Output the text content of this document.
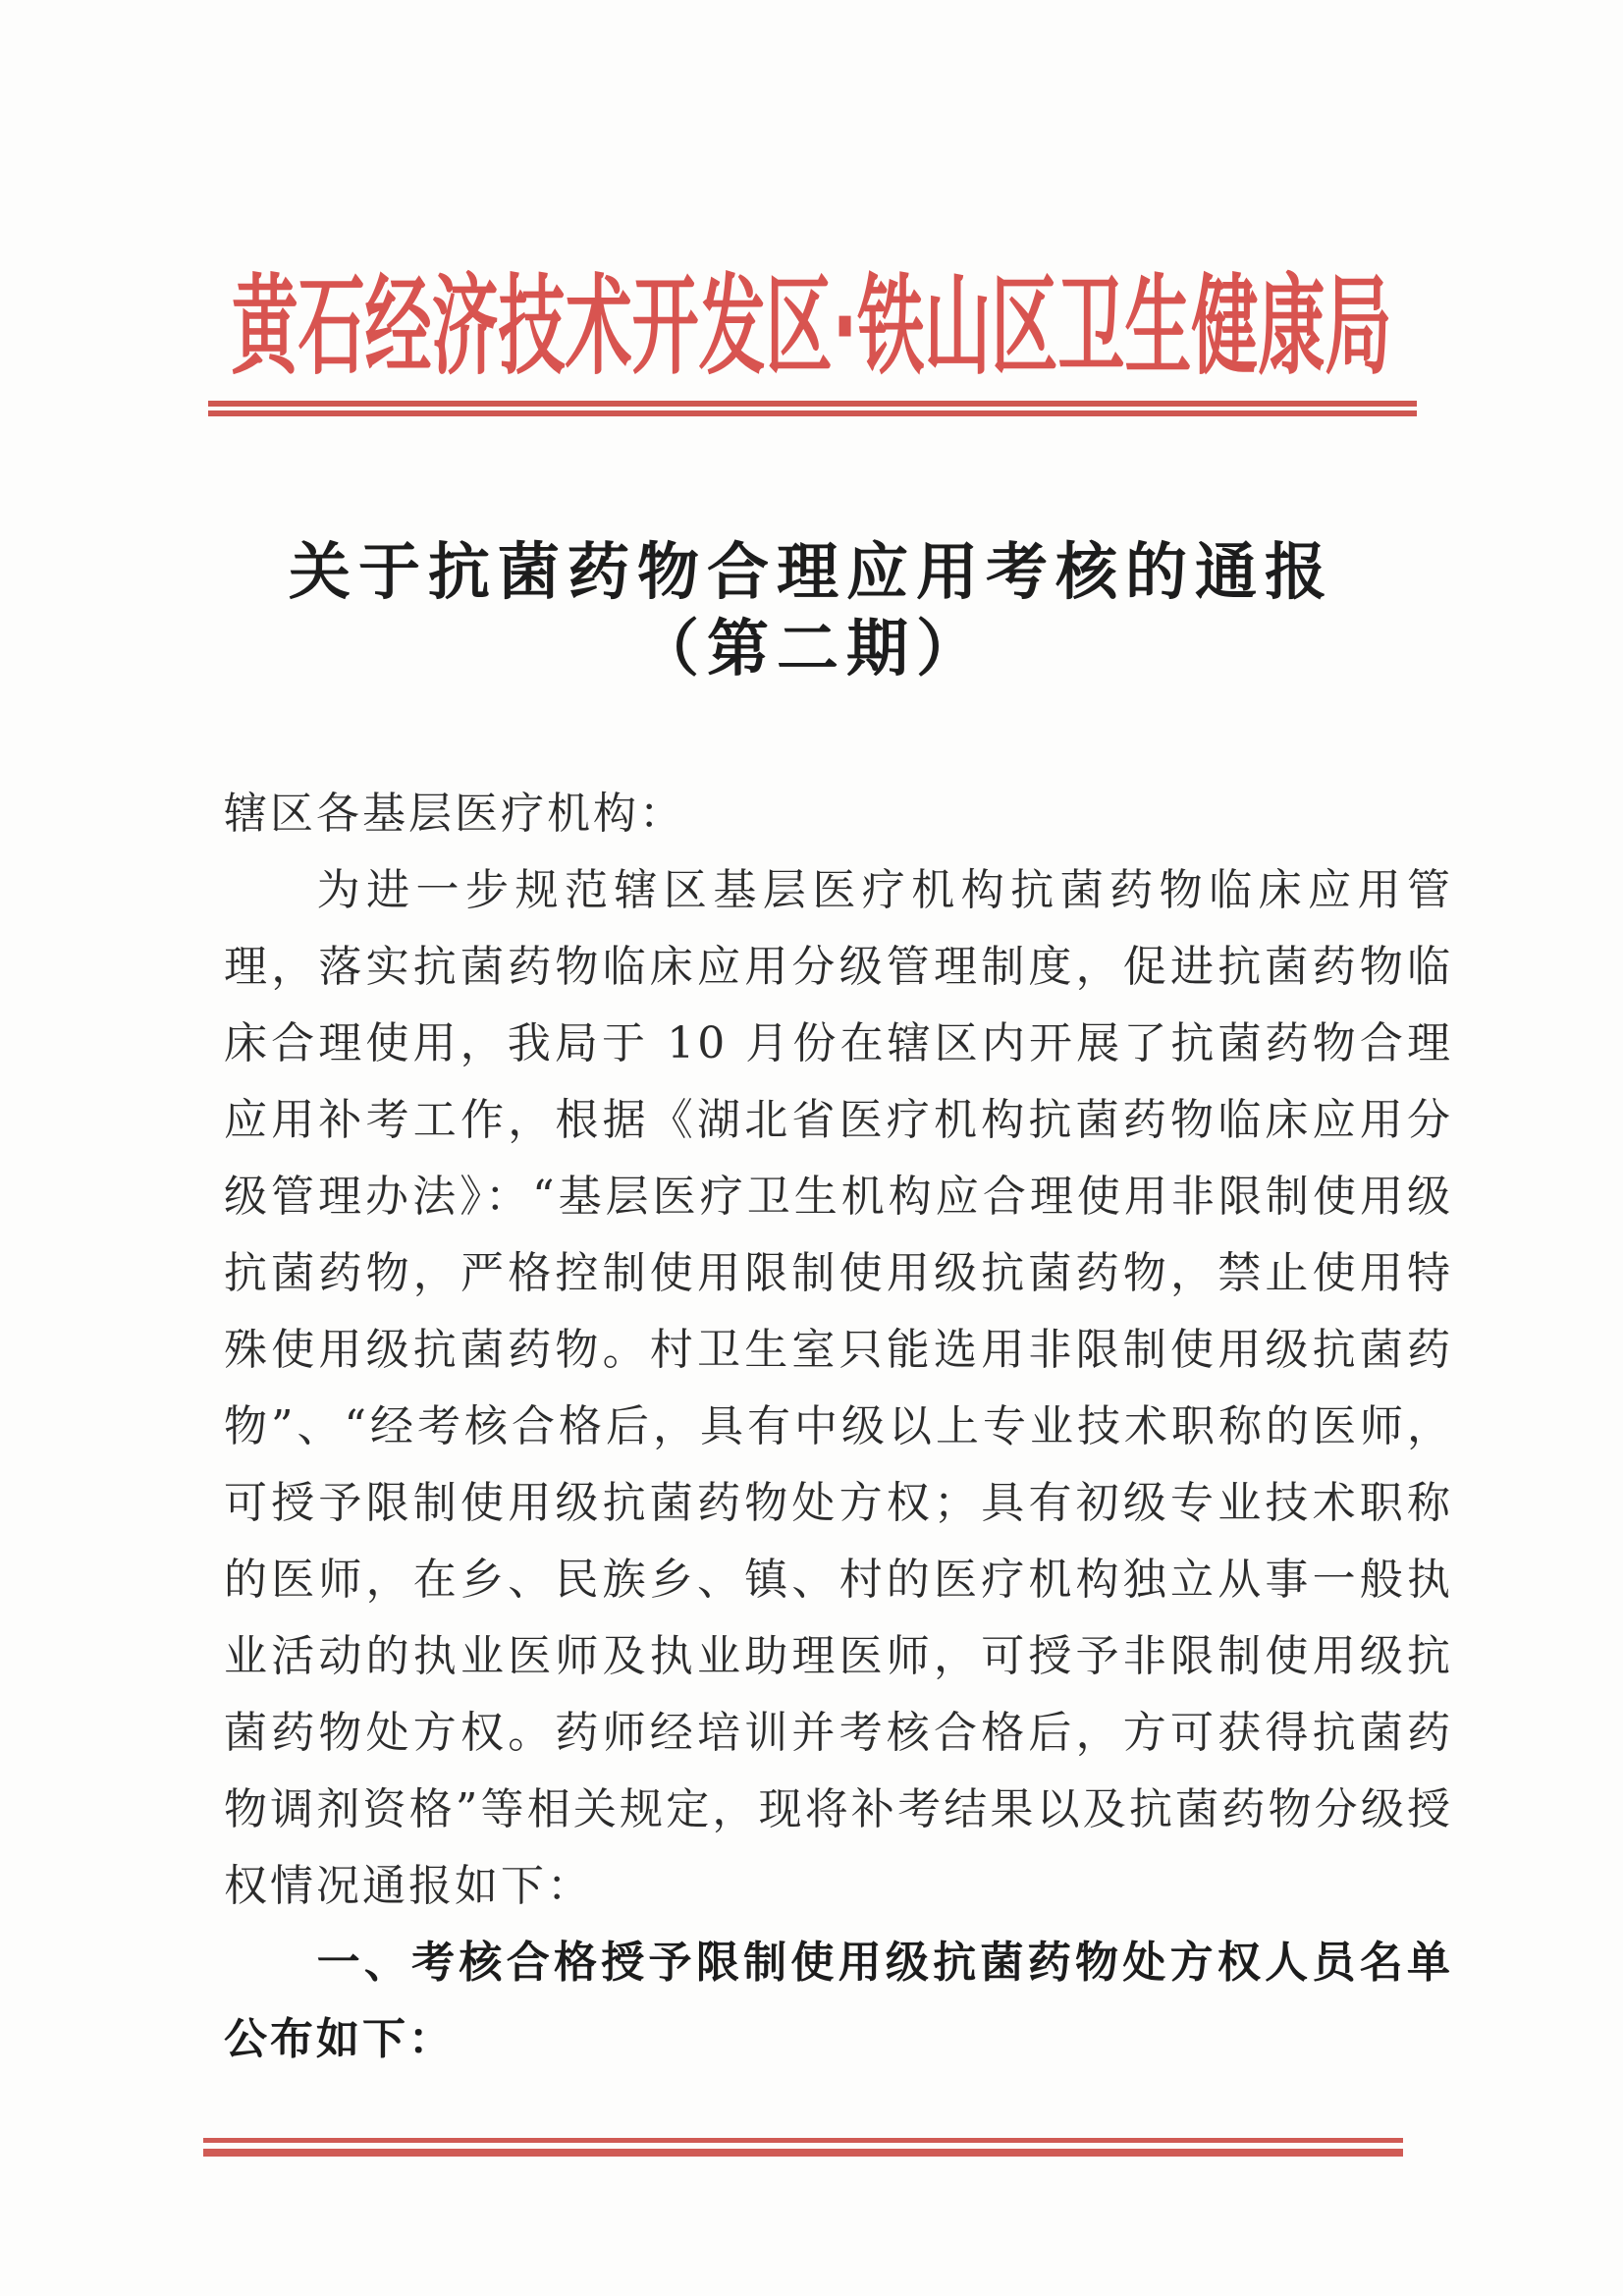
黄石经济技术开发区·铁山区卫生健康局
关于抗菌药物合理应用考核的通报
（第二期）

辖区各基层医疗机构：

为进一步规范辖区基层医疗机构抗菌药物临床应用管理，落实抗菌药物临床应用分级管理制度，促进抗菌药物临床合理使用，我局于 10 月份在辖区内开展了抗菌药物合理应用补考工作，根据《湖北省医疗机构抗菌药物临床应用分级管理办法》：“基层医疗卫生机构应合理使用非限制使用级抗菌药物，严格控制使用限制使用级抗菌药物，禁止使用特殊使用级抗菌药物。村卫生室只能选用非限制使用级抗菌药物”、“经考核合格后，具有中级以上专业技术职称的医师，可授予限制使用级抗菌药物处方权；具有初级专业技术职称的医师，在乡、民族乡、镇、村的医疗机构独立从事一般执业活动的执业医师及执业助理医师，可授予非限制使用级抗菌药物处方权。药师经培训并考核合格后，方可获得抗菌药物调剂资格”等相关规定，现将补考结果以及抗菌药物分级授权情况通报如下：

一、考核合格授予限制使用级抗菌药物处方权人员名单公布如下：
